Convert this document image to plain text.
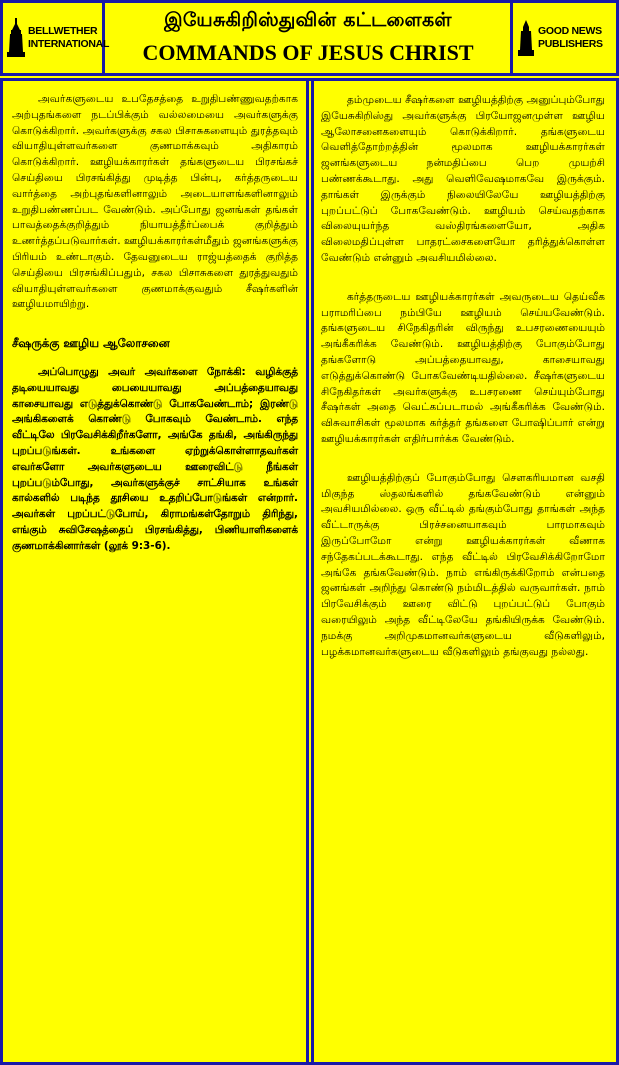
BELLWETHER
INTERNATIONAL
இயேசுகிறிஸ்துவின் கட்டளைகள்
COMMANDS OF JESUS CHRIST
GOOD NEWS
PUBLISHERS

அவர்களுடைய உபதேசத்தை உறுதிபண்ணுவதற்காக அற்புதங்களை நடப்பிக்கும் வல்லமையை அவர்களுக்கு கொடுக்கிறார். அவர்களுக்கு சகல பிசாசுகளையும் துரத்தவும் வியாதியுள்ளவர்களை குணமாக்கவும் அதிகாரம் கொடுக்கிறார். ஊழியக்காரர்கள் தங்களுடைய பிரசங்கச் செய்தியை பிரசங்கித்து முடித்த பின்பு, கர்த்தருடைய வார்த்தை அற்புதங்களினாலும் அடையாளங்களினாலும் உறுதிபண்ணப்பட வேண்டும். அப்போது ஜனங்கள் தங்கள் பாவத்தைக்குறித்தும் நியாயத்தீர்ப்பைக் குறித்தும் உணர்த்தப்படுவார்கள். ஊழியக்காரர்கள்மீதும் ஜனங்களுக்கு பிரியம் உண்டாகும். தேவனுடைய ராஜ்யத்தைக் குறித்த செய்தியை பிரசங்கிப்பதும், சகல பிசாசுகளை துரத்துவதும் வியாதியுள்ளவர்களை குணமாக்குவதும் சீஷர்களின் ஊழியமாயிற்று.

சீஷருக்கு ஊழிய ஆலோசனை

அப்பொழுது அவர் அவர்களை நோக்கி: வழிக்குத் தடியையாவது பையையாவது அப்பத்தையாவது காசையாவது எடுத்துக்கொண்டு போகவேண்டாம்; இரண்டு அங்கிகளைக் கொண்டு போகவும் வேண்டாம். எந்த வீட்டிலே பிரவேசிக்கிறீர்களோ, அங்கே தங்கி, அங்கிருந்து புறப்படுங்கள். உங்களை ஏற்றுக்கொள்ளாதவர்கள் எவர்களோ அவர்களுடைய ஊரைவிட்டு நீங்கள் புறப்படும்போது, அவர்களுக்குச் சாட்சியாக உங்கள் கால்களில் படிந்த தூசியை உதறிப்போடுங்கள் என்றார். அவர்கள் புறப்பட்டுபோய், கிராமங்கள்தோறும் திரிந்து, எங்கும் சுவிசேஷத்தைப் பிரசங்கித்து, பிணியாளிகளைக் குணமாக்கினார்கள் (லூக் 9:3-6).

தம்முடைய சீஷர்களை ஊழியத்திற்கு அனுப்பும்போது இயேசுகிறிஸ்து அவர்களுக்கு பிரயோஜனமுள்ள ஊழிய ஆலோசனைகளையும் கொடுக்கிறார். தங்களுடைய வெளித்தோற்றத்தின் மூலமாக ஊழியக்காரர்கள் ஜனங்களுடைய நன்மதிப்பை பெற முயற்சி பண்ணக்கூடாது. அது வெளிவேஷமாகவே இருக்கும். தாங்கள் இருக்கும் நிலையிலேயே ஊழியத்திற்கு புறப்பட்டுப் போகவேண்டும். ஊழியம் செய்வதற்காக விலையுயர்ந்த வஸ்திரங்களையோ, அதிக விலைமதிப்புள்ள பாதரட்சைகளையோ தரித்துக்கொள்ள வேண்டும் என்னும் அவசியமில்லை.

கர்த்தருடைய ஊழியக்காரர்கள் அவருடைய தெய்வீக பராமரிப்பை நம்பியே ஊழியம் செய்யவேண்டும். தங்களுடைய சிநேகிதரின் விருந்து உபசரணையையும் அங்கீகரிக்க வேண்டும். ஊழியத்திற்கு போகும்போது தங்களோடு அப்பத்தையாவது, காசையாவது எடுத்துக்கொண்டு போகவேண்டியதில்லை. சீஷர்களுடைய சிநேகிதர்கள் அவர்களுக்கு உபசரணை செய்யும்போது சீஷர்கள் அதை வெட்கப்படாமல் அங்கீகரிக்க வேண்டும். விசுவாசிகள் மூலமாக கர்த்தர் தங்களை போஷிப்பார் என்று ஊழியக்காரர்கள் எதிர்பார்க்க வேண்டும்.

ஊழியத்திற்குப் போகும்போது சௌகரியமான வசதி மிகுந்த ஸ்தலங்களில் தங்கவேண்டும் என்னும் அவசியமில்லை. ஒரு வீட்டில் தங்கும்போது தாங்கள் அந்த வீட்டாருக்கு பிரச்சனையாகவும் பாரமாகவும் இருப்போமோ என்று ஊழியக்காரர்கள் வீணாக சந்தேகப்படக்கூடாது. எந்த வீட்டில் பிரவேசிக்கிறோமோ அங்கே தங்கவேண்டும். நாம் எங்கிருக்கிறோம் என்பதை ஜனங்கள் அறிந்து கொண்டு நம்மிடத்தில் வருவார்கள். நாம் பிரவேசிக்கும் ஊரை விட்டு புறப்பட்டுப் போகும் வரையிலும் அந்த வீட்டிலேயே தங்கியிருக்க வேண்டும். நமக்கு அறிமுகமானவர்களுடைய வீடுகளிலும், பழக்கமானவர்களுடைய வீடுகளிலும் தங்குவது நல்லது.
